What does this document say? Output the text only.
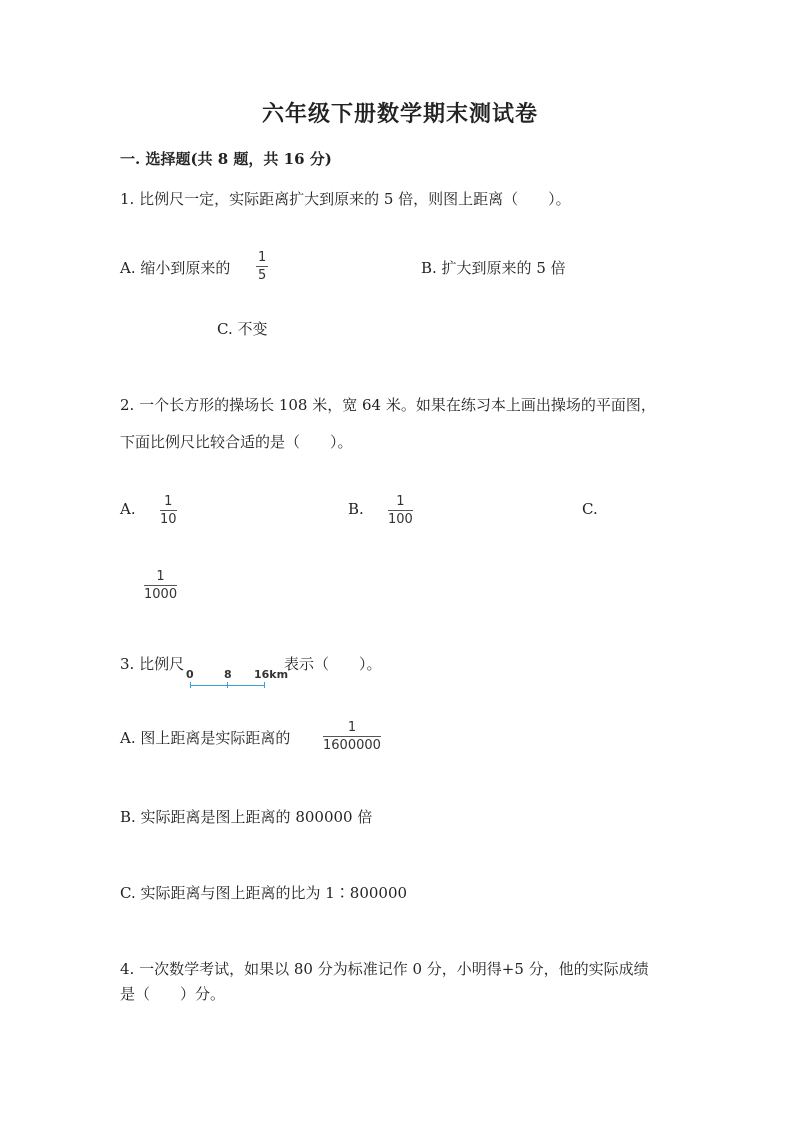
六年级下册数学期末测试卷
一. 选择题(共 8 题，共 16 分)
1. 比例尺一定，实际距离扩大到原来的 5 倍，则图上距离（　　）。
A. 缩小到原来的
1
5	B. 扩大到原来的 5 倍
C. 不变
2. 一个长方形的操场长 108 米，宽 64 米。如果在练习本上画出操场的平面图，
下面比例尺比较合适的是（　　）。
A. 1
10
B. 1
100
C.
1
1000
3. 比例尺
0	8 16km
表示（　　）。
A. 图上距离是实际距离的
1
1600000
B. 实际距离是图上距离的 800000 倍
C. 实际距离与图上距离的比为 1∶800000
4. 一次数学考试，如果以 80 分为标准记作 0 分，小明得+5 分，他的实际成绩
是（　　）分。
